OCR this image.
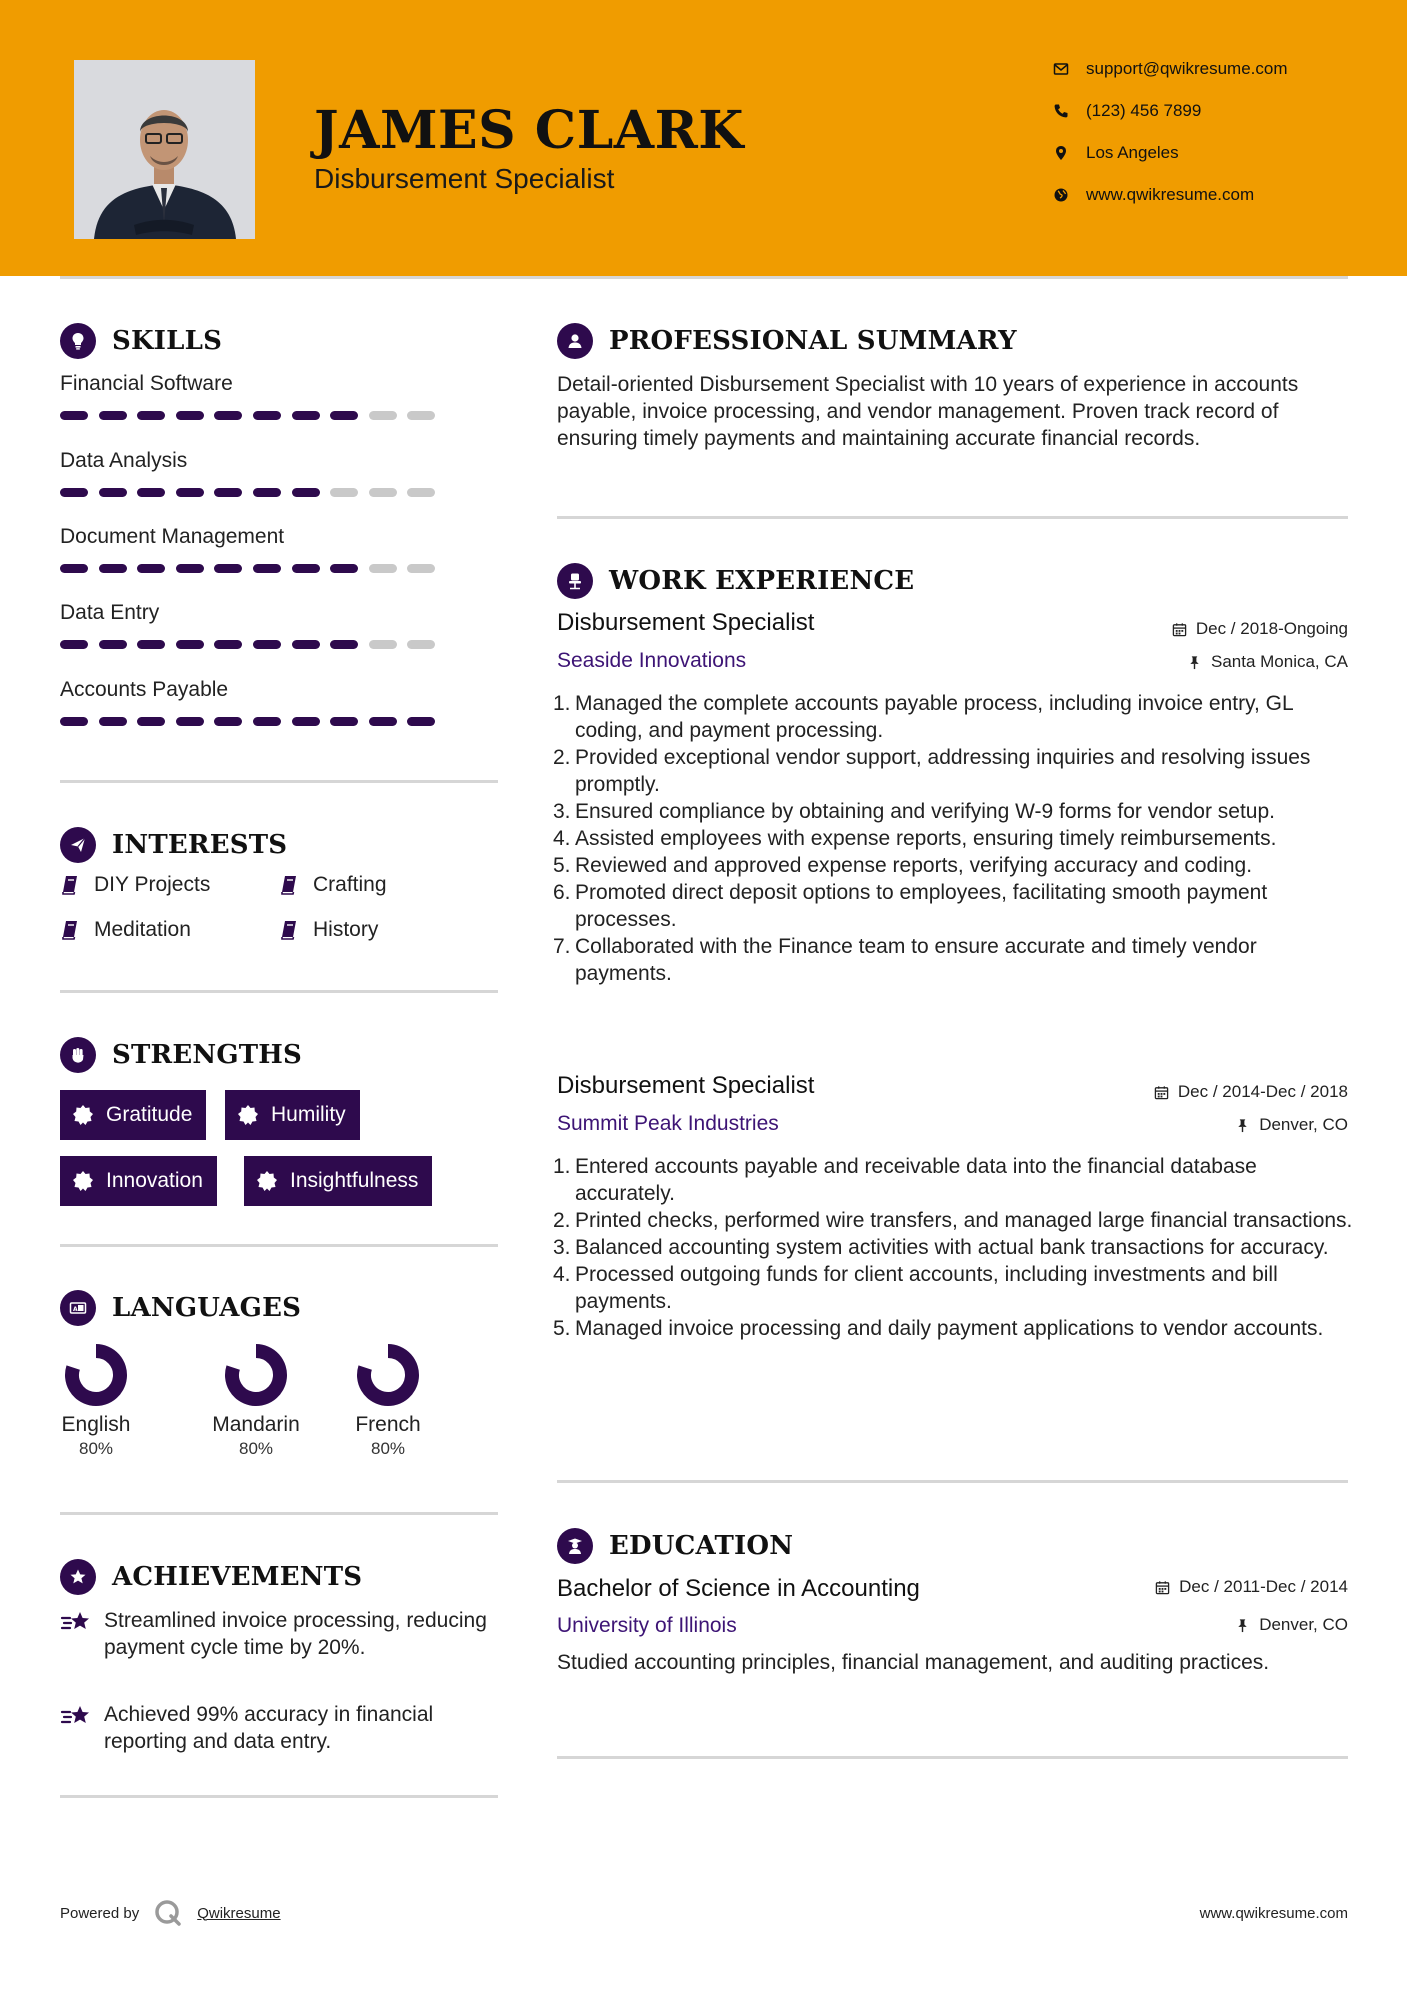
JAMES CLARK
Disbursement Specialist
support@qwikresume.com
(123) 456 7899
Los Angeles
www.qwikresume.com
SKILLS
Financial Software
Data Analysis
Document Management
Data Entry
Accounts Payable
INTERESTS
DIY Projects	Crafting
Meditation	History
STRENGTHS
Gratitude	Humility
Innovation	Insightfulness
A LANGUAGES
English
80%
Mandarin
80%
French
80%
ACHIEVEMENTS
Streamlined invoice processing, reducing payment cycle time by 20%.
Achieved 99% accuracy in financial reporting and data entry.
PROFESSIONAL SUMMARY
Detail-oriented Disbursement Specialist with 10 years of experience in accounts payable, invoice processing, and vendor management. Proven track record of ensuring timely payments and maintaining accurate financial records.
WORK EXPERIENCE
Disbursement Specialist	Dec / 2018-Ongoing
Seaside Innovations	Santa Monica, CA
1. Managed the complete accounts payable process, including invoice entry, GL coding, and payment processing.
2. Provided exceptional vendor support, addressing inquiries and resolving issues promptly.
3. Ensured compliance by obtaining and verifying W-9 forms for vendor setup.
4. Assisted employees with expense reports, ensuring timely reimbursements.
5. Reviewed and approved expense reports, verifying accuracy and coding.
6. Promoted direct deposit options to employees, facilitating smooth payment processes.
7. Collaborated with the Finance team to ensure accurate and timely vendor payments.
Disbursement Specialist	Dec / 2014-Dec / 2018
Summit Peak Industries	Denver, CO
1. Entered accounts payable and receivable data into the financial database accurately.
2. Printed checks, performed wire transfers, and managed large financial transactions.
3. Balanced accounting system activities with actual bank transactions for accuracy.
4. Processed outgoing funds for client accounts, including investments and bill payments.
5. Managed invoice processing and daily payment applications to vendor accounts.
EDUCATION
Bachelor of Science in Accounting	Dec / 2011-Dec / 2014
University of Illinois	Denver, CO
Studied accounting principles, financial management, and auditing practices.
Powered by	Qwikresume	www.qwikresume.com
